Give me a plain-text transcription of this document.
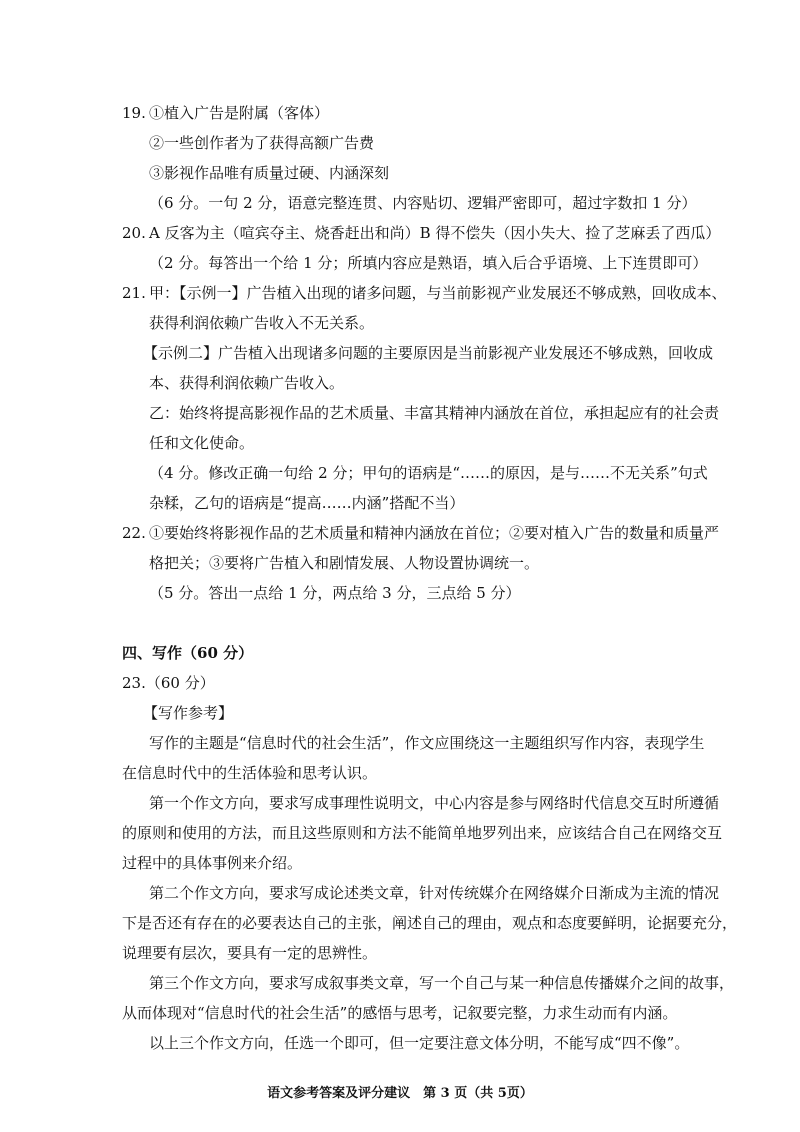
19. ①植入广告是附属（客体）
②一些创作者为了获得高额广告费
③影视作品唯有质量过硬、内涵深刻
（6 分。一句 2 分，语意完整连贯、内容贴切、逻辑严密即可，超过字数扣 1 分）
20. A 反客为主（喧宾夺主、烧香赶出和尚）B 得不偿失（因小失大、捡了芝麻丢了西瓜）
（2 分。每答出一个给 1 分；所填内容应是熟语，填入后合乎语境、上下连贯即可）
21. 甲：【示例一】广告植入出现的诸多问题，与当前影视产业发展还不够成熟，回收成本、
获得利润依赖广告收入不无关系。
【示例二】广告植入出现诸多问题的主要原因是当前影视产业发展还不够成熟，回收成
本、获得利润依赖广告收入。
乙：始终将提高影视作品的艺术质量、丰富其精神内涵放在首位，承担起应有的社会责
任和文化使命。
（4 分。修改正确一句给 2 分；甲句的语病是“……的原因，是与……不无关系”句式
杂糅，乙句的语病是“提高……内涵”搭配不当）
22. ①要始终将影视作品的艺术质量和精神内涵放在首位；②要对植入广告的数量和质量严
格把关；③要将广告植入和剧情发展、人物设置协调统一。
（5 分。答出一点给 1 分，两点给 3 分，三点给 5 分）
四、写作（60 分）
23.（60 分）
【写作参考】
写作的主题是“信息时代的社会生活”，作文应围绕这一主题组织写作内容，表现学生
在信息时代中的生活体验和思考认识。
第一个作文方向，要求写成事理性说明文，中心内容是参与网络时代信息交互时所遵循
的原则和使用的方法，而且这些原则和方法不能简单地罗列出来，应该结合自己在网络交互
过程中的具体事例来介绍。
第二个作文方向，要求写成论述类文章，针对传统媒介在网络媒介日渐成为主流的情况
下是否还有存在的必要表达自己的主张，阐述自己的理由，观点和态度要鲜明，论据要充分，
说理要有层次，要具有一定的思辨性。
第三个作文方向，要求写成叙事类文章，写一个自己与某一种信息传播媒介之间的故事，
从而体现对“信息时代的社会生活”的感悟与思考，记叙要完整，力求生动而有内涵。
以上三个作文方向，任选一个即可，但一定要注意文体分明，不能写成“四不像”。
语文参考答案及评分建议　第 3 页（共 5页）
